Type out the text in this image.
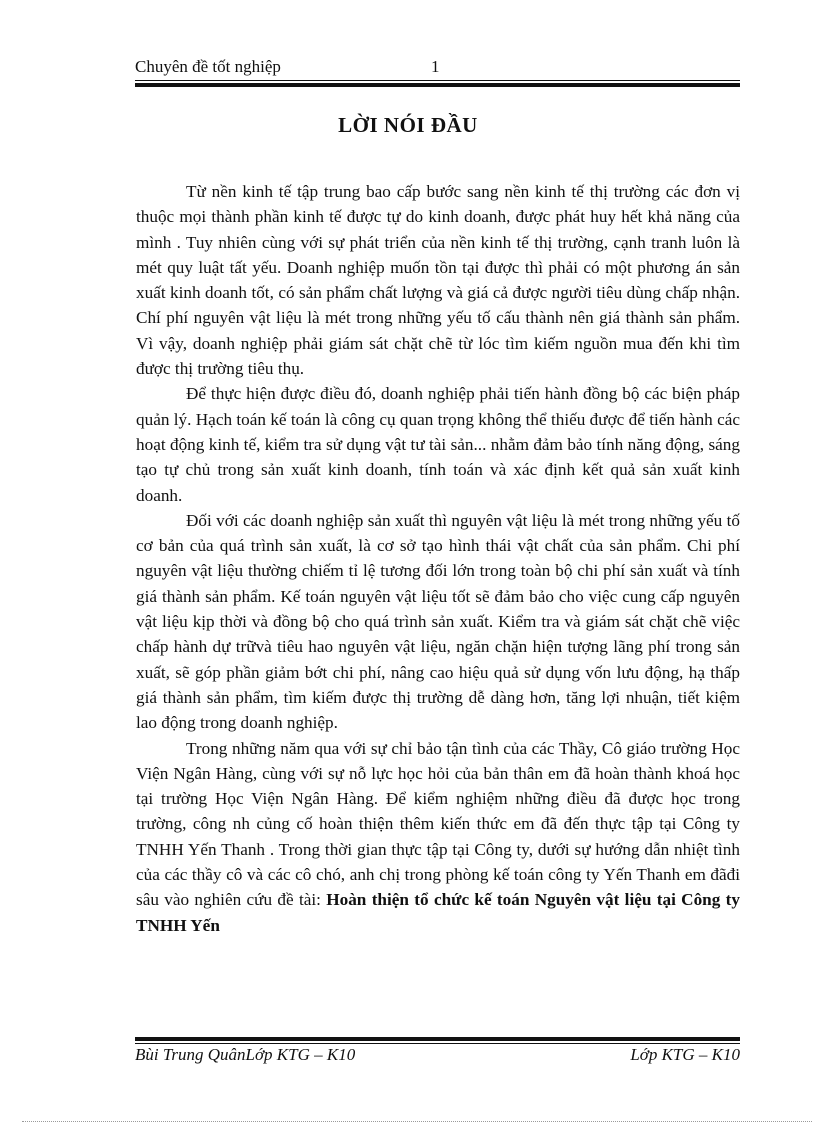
Chuyên đề tốt nghiệp	1
LỜI NÓI ĐẦU

Từ nền kinh tế tập trung bao cấp bước sang nền kinh tế thị trường các đơn vị thuộc mọi thành phần kinh tế được tự do kinh doanh, được phát huy hết khả năng của mình . Tuy nhiên cùng với sự phát triển của nền kinh tế thị trường, cạnh tranh luôn là mét quy luật tất yếu. Doanh nghiệp muốn tồn tại được thì phải có một phương án sản xuất kinh doanh tốt, có sản phẩm chất lượng và giá cả được người tiêu dùng chấp nhận. Chí phí nguyên vật liệu là mét trong những yếu tố cấu thành nên giá thành sản phẩm. Vì vậy, doanh nghiệp phải giám sát chặt chẽ từ lóc tìm kiếm nguồn mua đến khi tìm được thị trường tiêu thụ.

Để thực hiện được điều đó, doanh nghiệp phải tiến hành đồng bộ các biện pháp quản lý. Hạch toán kế toán là công cụ quan trọng không thể thiếu được để tiến hành các hoạt động kinh tế, kiểm tra sử dụng vật tư tài sản... nhằm đảm bảo tính năng động, sáng tạo tự chủ trong sản xuất kinh doanh, tính toán và xác định kết quả sản xuất kinh doanh.

Đối với các doanh nghiệp sản xuất thì nguyên vật liệu là mét trong những yếu tố cơ bản của quá trình sản xuất, là cơ sở tạo hình thái vật chất của sản phẩm. Chi phí nguyên vật liệu thường chiếm tỉ lệ tương đối lớn trong toàn bộ chi phí sản xuất và tính giá thành sản phẩm. Kế toán nguyên vật liệu tốt sẽ đảm bảo cho việc cung cấp nguyên vật liệu kịp thời và đồng bộ cho quá trình sản xuất. Kiểm tra và giám sát chặt chẽ việc chấp hành dự trữvà tiêu hao nguyên vật liệu, ngăn chặn hiện tượng lãng phí trong sản xuất, sẽ góp phần giảm bớt chi phí, nâng cao hiệu quả sử dụng vốn lưu động, hạ thấp giá thành sản phẩm, tìm kiếm được thị trường dễ dàng hơn, tăng lợi nhuận, tiết kiệm lao động trong doanh nghiệp.

Trong những năm qua với sự chỉ bảo tận tình của các Thầy, Cô giáo trường Học Viện Ngân Hàng, cùng với sự nỗ lực học hỏi của bản thân em đã hoàn thành khoá học tại trường Học Viện Ngân Hàng. Để kiểm nghiệm những điều đã được học trong trường, công nh củng cố hoàn thiện thêm kiến thức em đã đến thực tập tại Công ty TNHH Yến Thanh . Trong thời gian thực tập tại Công ty, dưới sự hướng dẫn nhiệt tình của các thầy cô và các cô chó, anh chị trong phòng kế toán công ty Yến Thanh em đãđi sâu vào nghiên cứu đề tài: Hoàn thiện tổ chức kế toán Nguyên vật liệu tại Công ty TNHH Yến

Bùi Trung QuânLớp KTG – K10	Lớp KTG – K10
